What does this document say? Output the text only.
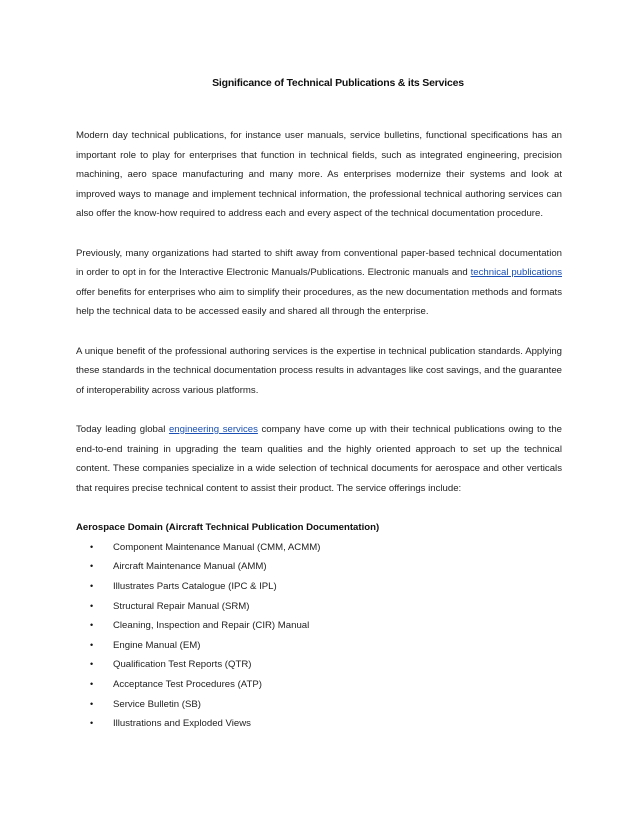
Significance of Technical Publications & its Services

Modern day technical publications, for instance user manuals, service bulletins, functional specifications has an important role to play for enterprises that function in technical fields, such as integrated engineering, precision machining, aero space manufacturing and many more. As enterprises modernize their systems and look at improved ways to manage and implement technical information, the professional technical authoring services can also offer the know-how required to address each and every aspect of the technical documentation procedure.

Previously, many organizations had started to shift away from conventional paper-based technical documentation in order to opt in for the Interactive Electronic Manuals/Publications. Electronic manuals and technical publications offer benefits for enterprises who aim to simplify their procedures, as the new documentation methods and formats help the technical data to be accessed easily and shared all through the enterprise.

A unique benefit of the professional authoring services is the expertise in technical publication standards. Applying these standards in the technical documentation process results in advantages like cost savings, and the guarantee of interoperability across various platforms.

Today leading global engineering services company have come up with their technical publications owing to the end-to-end training in upgrading the team qualities and the highly oriented approach to set up the technical content. These companies specialize in a wide selection of technical documents for aerospace and other verticals that requires precise technical content to assist their product. The service offerings include:

Aerospace Domain (Aircraft Technical Publication Documentation)

• Component Maintenance Manual (CMM, ACMM)
• Aircraft Maintenance Manual (AMM)
• Illustrates Parts Catalogue (IPC & IPL)
• Structural Repair Manual (SRM)
• Cleaning, Inspection and Repair (CIR) Manual
• Engine Manual (EM)
• Qualification Test Reports (QTR)
• Acceptance Test Procedures (ATP)
• Service Bulletin (SB)
• Illustrations and Exploded Views
